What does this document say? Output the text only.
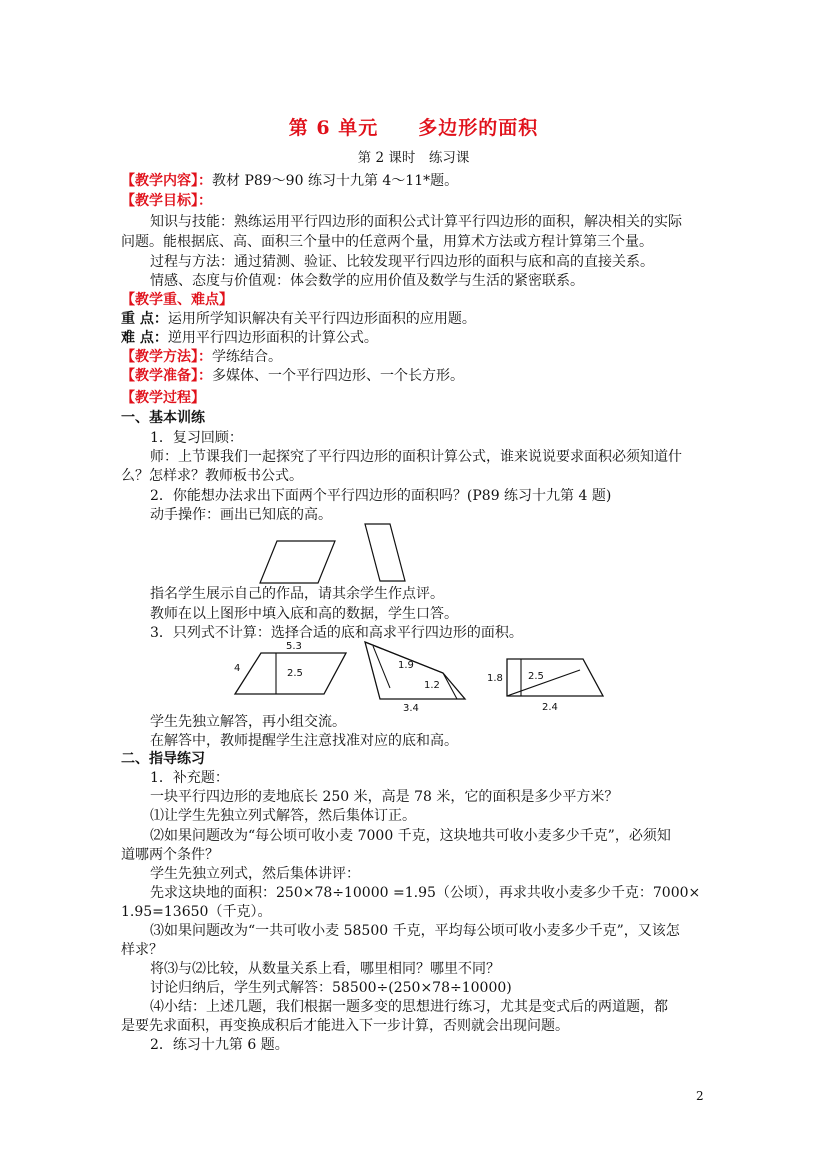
第 6 单元　　多边形的面积
第 2 课时　练习课
【教学内容】：教材 P89～90 练习十九第 4～11*题。
【教学目标】：
知识与技能：熟练运用平行四边形的面积公式计算平行四边形的面积，解决相关的实际
问题。能根据底、高、面积三个量中的任意两个量，用算术方法或方程计算第三个量。
过程与方法：通过猜测、验证、比较发现平行四边形的面积与底和高的直接关系。
情感、态度与价值观：体会数学的应用价值及数学与生活的紧密联系。
【教学重、难点】
重 点：运用所学知识解决有关平行四边形面积的应用题。
难 点：逆用平行四边形面积的计算公式。
【教学方法】：学练结合。
【教学准备】：多媒体、一个平行四边形、一个长方形。
【教学过程】
一、基本训练
1．复习回顾：
师：上节课我们一起探究了平行四边形的面积计算公式，谁来说说要求面积必须知道什
么？怎样求？教师板书公式。
2．你能想办法求出下面两个平行四边形的面积吗？(P89 练习十九第 4 题)
动手操作：画出已知底的高。
指名学生展示自己的作品，请其余学生作点评。
教师在以上图形中填入底和高的数据，学生口答。
3．只列式不计算：选择合适的底和高求平行四边形的面积。
5.3
4	2.5
1.9
1.2
3.4
1.8	2.5
2.4
学生先独立解答，再小组交流。
在解答中，教师提醒学生注意找准对应的底和高。
二、指导练习
1．补充题：
一块平行四边形的麦地底长 250 米，高是 78 米，它的面积是多少平方米？
⑴让学生先独立列式解答，然后集体订正。
⑵如果问题改为“每公顷可收小麦 7000 千克，这块地共可收小麦多少千克”，必须知
道哪两个条件？
学生先独立列式，然后集体讲评：
先求这块地的面积：250×78÷10000 =1.95（公顷），再求共收小麦多少千克：7000×
1.95=13650（千克）。
⑶如果问题改为“一共可收小麦 58500 千克，平均每公顷可收小麦多少千克”，又该怎
样求？
将⑶与⑵比较，从数量关系上看，哪里相同？哪里不同？
讨论归纳后，学生列式解答：58500÷(250×78÷10000)
⑷小结：上述几题，我们根据一题多变的思想进行练习，尤其是变式后的两道题，都
是要先求面积，再变换成积后才能进入下一步计算，否则就会出现问题。
2．练习十九第 6 题。
2
